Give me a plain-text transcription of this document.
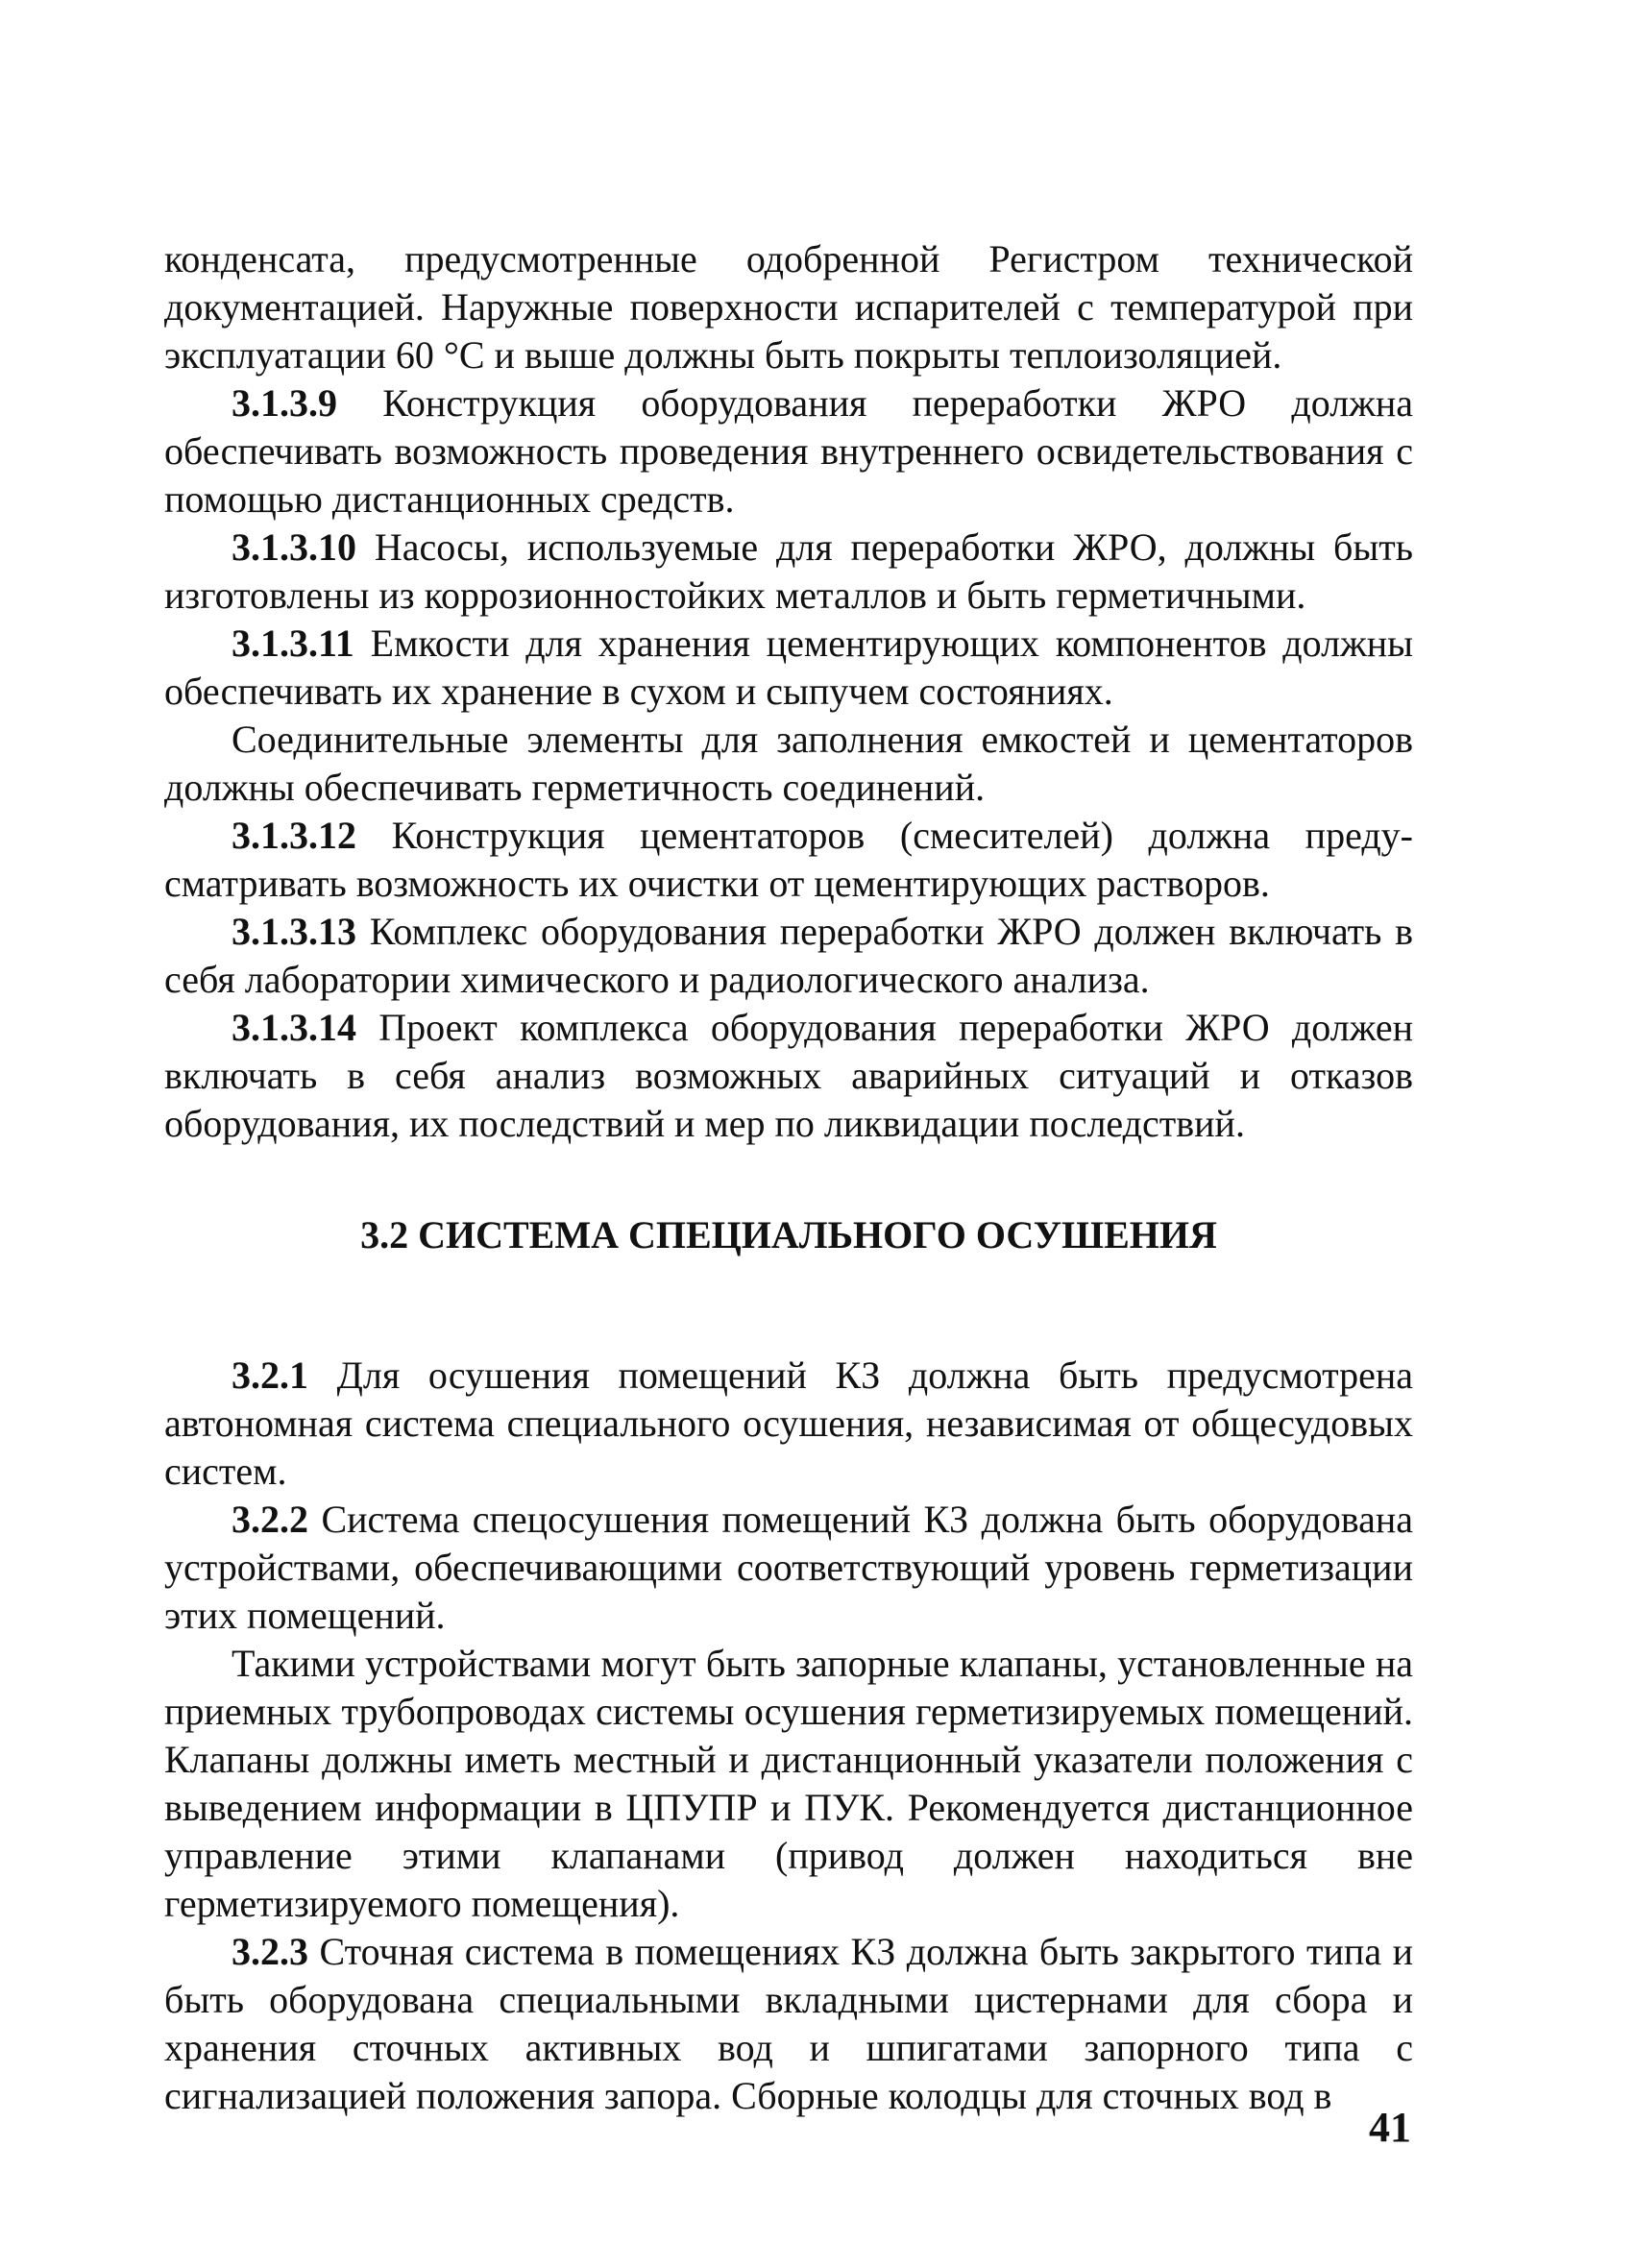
конденсата, предусмотренные одобренной Регистром технической документацией. Наружные поверхности испарителей с температурой при эксплуатации 60 °С и выше должны быть покрыты теплоизоляцией.

3.1.3.9 Конструкция оборудования переработки ЖРО должна обеспечивать возможность проведения внутреннего освидетельствования с помощью дистанционных средств.

3.1.3.10 Насосы, используемые для переработки ЖРО, должны быть изготовлены из коррозионностойких металлов и быть герметичными.

3.1.3.11 Емкости для хранения цементирующих компонентов должны обеспечивать их хранение в сухом и сыпучем состояниях.

Соединительные элементы для заполнения емкостей и цементаторов должны обеспечивать герметичность соединений.

3.1.3.12 Конструкция цементаторов (смесителей) должна предусматривать возможность их очистки от цементирующих растворов.

3.1.3.13 Комплекс оборудования переработки ЖРО должен включать в себя лаборатории химического и радиологического анализа.

3.1.3.14 Проект комплекса оборудования переработки ЖРО должен включать в себя анализ возможных аварийных ситуаций и отказов оборудования, их последствий и мер по ликвидации последствий.

3.2 СИСТЕМА СПЕЦИАЛЬНОГО ОСУШЕНИЯ

3.2.1 Для осушения помещений КЗ должна быть предусмотрена автономная система специального осушения, независимая от общесудовых систем.

3.2.2 Система спецосушения помещений КЗ должна быть оборудована устройствами, обеспечивающими соответствующий уровень герметизации этих помещений.

Такими устройствами могут быть запорные клапаны, установленные на приемных трубопроводах системы осушения герметизируемых помещений. Клапаны должны иметь местный и дистанционный указатели положения с выведением информации в ЦПУПР и ПУК. Рекомендуется дистанционное управление этими клапанами (привод должен находиться вне герметизируемого помещения).

3.2.3 Сточная система в помещениях КЗ должна быть закрытого типа и быть оборудована специальными вкладными цистернами для сбора и хранения сточных активных вод и шпигатами запорного типа с сигнализацией положения запора. Сборные колодцы для сточных вод в

41
